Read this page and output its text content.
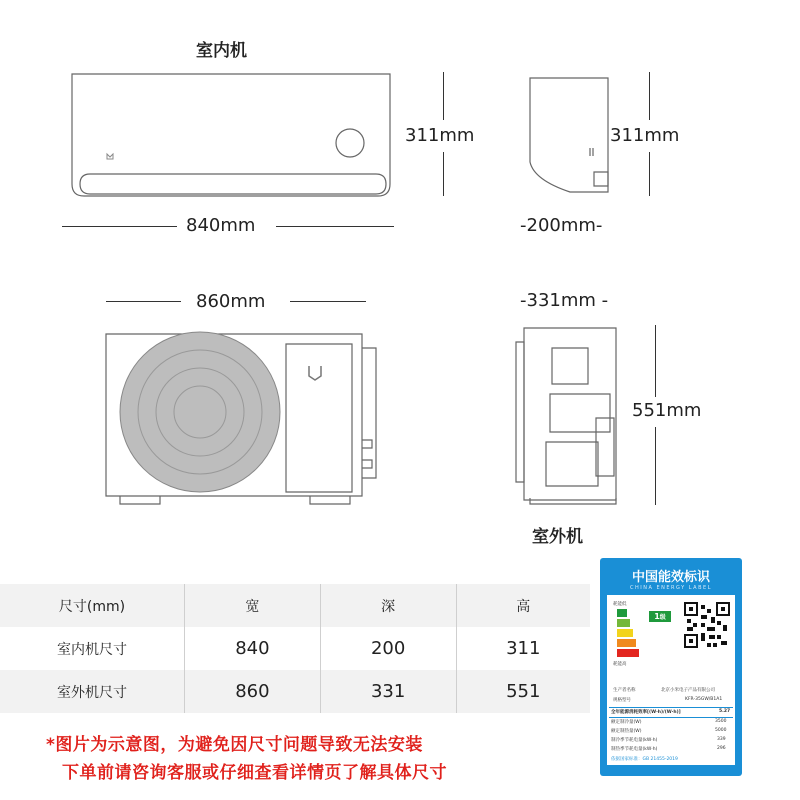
室内机
311mm
840mm
311mm
-200mm-
860mm	-331mm -
551mm
室外机
尺寸(mm)	宽	深	高
室内机尺寸	840	200	311
室外机尺寸	860	331	551
*图片为示意图，为避免因尺寸问题导致无法安装
下单前请咨询客服或仔细查看详情页了解具体尺寸
中国能效标识
CHINA ENERGY LABEL
耗能低
耗能高
1级
生产者名称	北京小米电子产品有限公司
规格型号	KFR-35GW/B1A1
全年能源消耗效率[(W·h)/(W·h)]	5.27
额定制冷量(W)	3500
额定制热量(W)	5000
制冷季节耗电量(kW·h)	339
制热季节耗电量(kW·h)	296
依据国家标准：GB 21455-2019
